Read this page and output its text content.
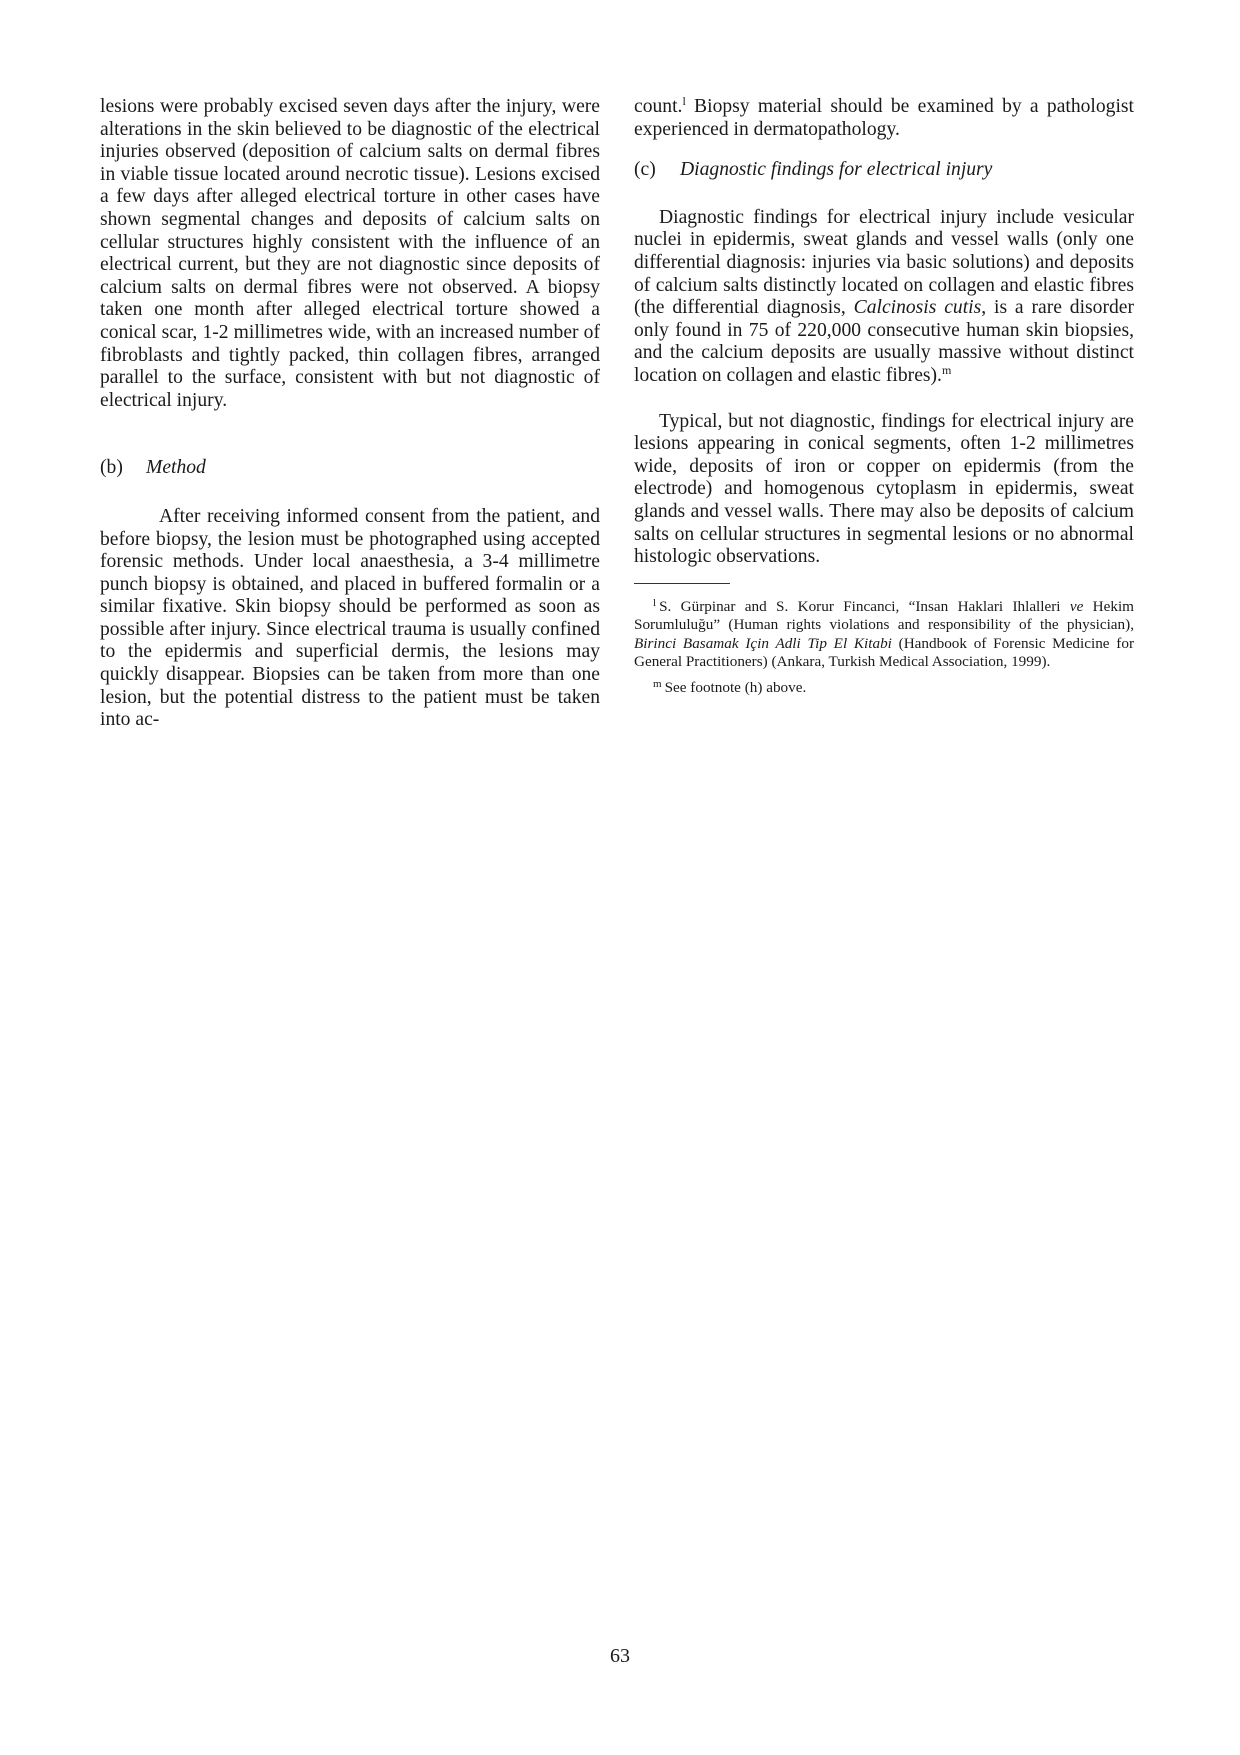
lesions were probably excised seven days after the injury, were alterations in the skin believed to be diagnostic of the electrical injuries observed (deposition of calcium salts on dermal fibres in viable tissue located around necrotic tissue). Lesions excised a few days after alleged electrical torture in other cases have shown segmental changes and deposits of calcium salts on cellular structures highly consistent with the influence of an electrical current, but they are not diagnostic since deposits of calcium salts on dermal fibres were not observed. A biopsy taken one month after alleged electrical torture showed a conical scar, 1-2 millimetres wide, with an increased number of fibroblasts and tightly packed, thin collagen fibres, arranged parallel to the surface, consistent with but not diagnostic of electrical injury.

(b) Method

After receiving informed consent from the patient, and before biopsy, the lesion must be photographed using accepted forensic methods. Under local anaesthesia, a 3-4 millimetre punch biopsy is obtained, and placed in buffered formalin or a similar fixative. Skin biopsy should be performed as soon as possible after injury. Since electrical trauma is usually confined to the epidermis and superficial dermis, the lesions may quickly disappear. Biopsies can be taken from more than one lesion, but the potential distress to the patient must be taken into ac-

count.$^l$ Biopsy material should be examined by a pathologist experienced in dermatopathology.

(c) Diagnostic findings for electrical injury

Diagnostic findings for electrical injury include vesicular nuclei in epidermis, sweat glands and vessel walls (only one differential diagnosis: injuries via basic solutions) and deposits of calcium salts distinctly located on collagen and elastic fibres (the differential diagnosis, Calcinosis cutis, is a rare disorder only found in 75 of 220,000 consecutive human skin biopsies, and the calcium deposits are usually massive without distinct location on collagen and elastic fibres).$^m$

Typical, but not diagnostic, findings for electrical injury are lesions appearing in conical segments, often 1-2 millimetres wide, deposits of iron or copper on epidermis (from the electrode) and homogenous cytoplasm in epidermis, sweat glands and vessel walls. There may also be deposits of calcium salts on cellular structures in segmental lesions or no abnormal histologic observations.

$^l$ S. Gürpinar and S. Korur Fincanci, “Insan Haklari Ihlalleri ve Hekim Sorumluluğu” (Human rights violations and responsibility of the physician), Birinci Basamak Için Adli Tip El Kitabi (Handbook of Forensic Medicine for General Practitioners) (Ankara, Turkish Medical Association, 1999).

$^m$ See footnote (h) above.

63
